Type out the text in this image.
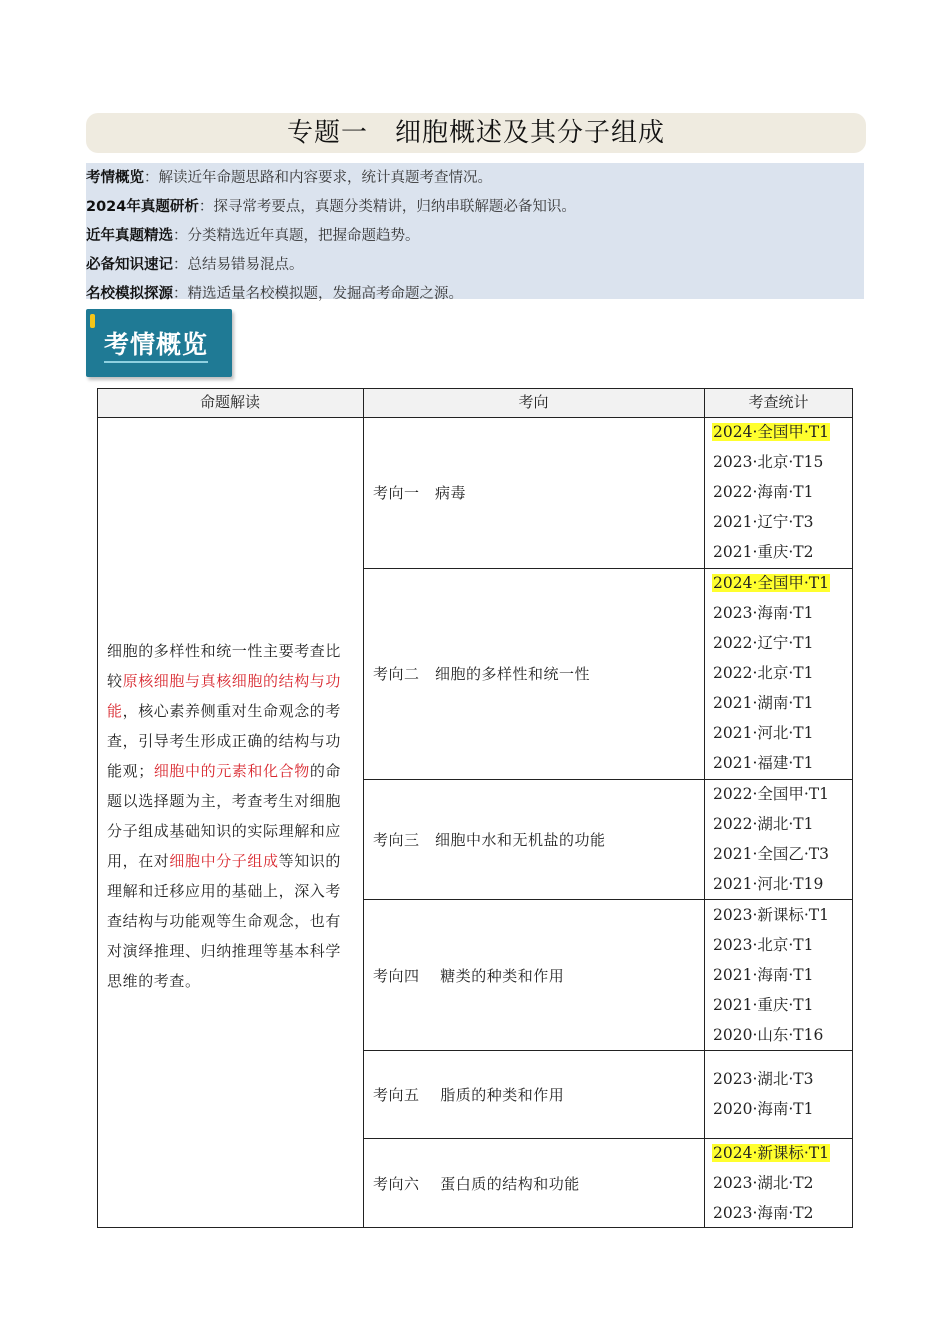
专题一　细胞概述及其分子组成
考情概览：解读近年命题思路和内容要求，统计真题考查情况。
2024年真题研析：探寻常考要点，真题分类精讲，归纳串联解题必备知识。
近年真题精选：分类精选近年真题，把握命题趋势。
必备知识速记：总结易错易混点。
名校模拟探源：精选适量名校模拟题，发掘高考命题之源。
考情概览
命题解读	考向	考查统计
细胞的多样性和统一性主要考查比较原核细胞与真核细胞的结构与功能，核心素养侧重对生命观念的考查，引导考生形成正确的结构与功能观；细胞中的元素和化合物的命题以选择题为主，考查考生对细胞分子组成基础知识的实际理解和应用，在对细胞中分子组成等知识的理解和迁移应用的基础上，深入考查结构与功能观等生命观念，也有对演绎推理、归纳推理等基本科学思维的考查。
考向一　病毒
2024·全国甲·T1
2023·北京·T15
2022·海南·T1
2021·辽宁·T3
2021·重庆·T2
考向二　细胞的多样性和统一性
2024·全国甲·T1
2023·海南·T1
2022·辽宁·T1
2022·北京·T1
2021·湖南·T1
2021·河北·T1
2021·福建·T1
考向三　细胞中水和无机盐的功能
2022·全国甲·T1
2022·湖北·T1
2021·全国乙·T3
2021·河北·T19
考向四　 糖类的种类和作用
2023·新课标·T1
2023·北京·T1
2021·海南·T1
2021·重庆·T1
2020·山东·T16
考向五　 脂质的种类和作用
2023·湖北·T3
2020·海南·T1
考向六　 蛋白质的结构和功能
2024·新课标·T1
2023·湖北·T2
2023·海南·T2
